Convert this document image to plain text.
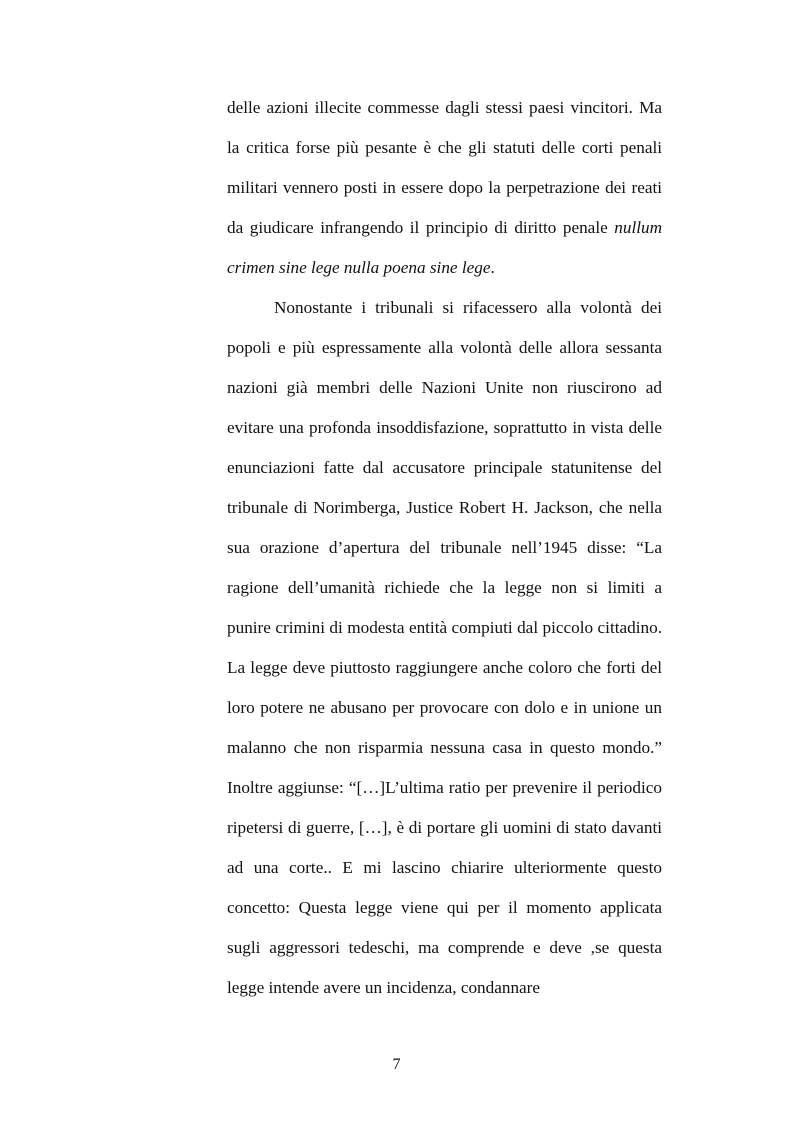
delle azioni illecite commesse dagli stessi paesi vincitori. Ma la critica forse più pesante è che gli statuti delle corti penali militari vennero posti in essere dopo la perpetrazione dei reati da giudicare infrangendo il principio di diritto penale nullum crimen sine lege nulla poena sine lege.

Nonostante i tribunali si rifacessero alla volontà dei popoli e più espressamente alla volontà delle allora sessanta nazioni già membri delle Nazioni Unite non riuscirono ad evitare una profonda insoddisfazione, soprattutto in vista delle enunciazioni fatte dal accusatore principale statunitense del tribunale di Norimberga, Justice Robert H. Jackson, che nella sua orazione d’apertura del tribunale nell’1945 disse: “La ragione dell’umanità richiede che la legge non si limiti a punire crimini di modesta entità compiuti dal piccolo cittadino. La legge deve piuttosto raggiungere anche coloro che forti del loro potere ne abusano per provocare con dolo e in unione un malanno che non risparmia nessuna casa in questo mondo.” Inoltre aggiunse: “[…]L’ultima ratio per prevenire il periodico ripetersi di guerre, […], è di portare gli uomini di stato davanti ad una corte.. E mi lascino chiarire ulteriormente questo concetto: Questa legge viene qui per il momento applicata sugli aggressori tedeschi, ma comprende e deve ,se questa legge intende avere un incidenza, condannare

7
